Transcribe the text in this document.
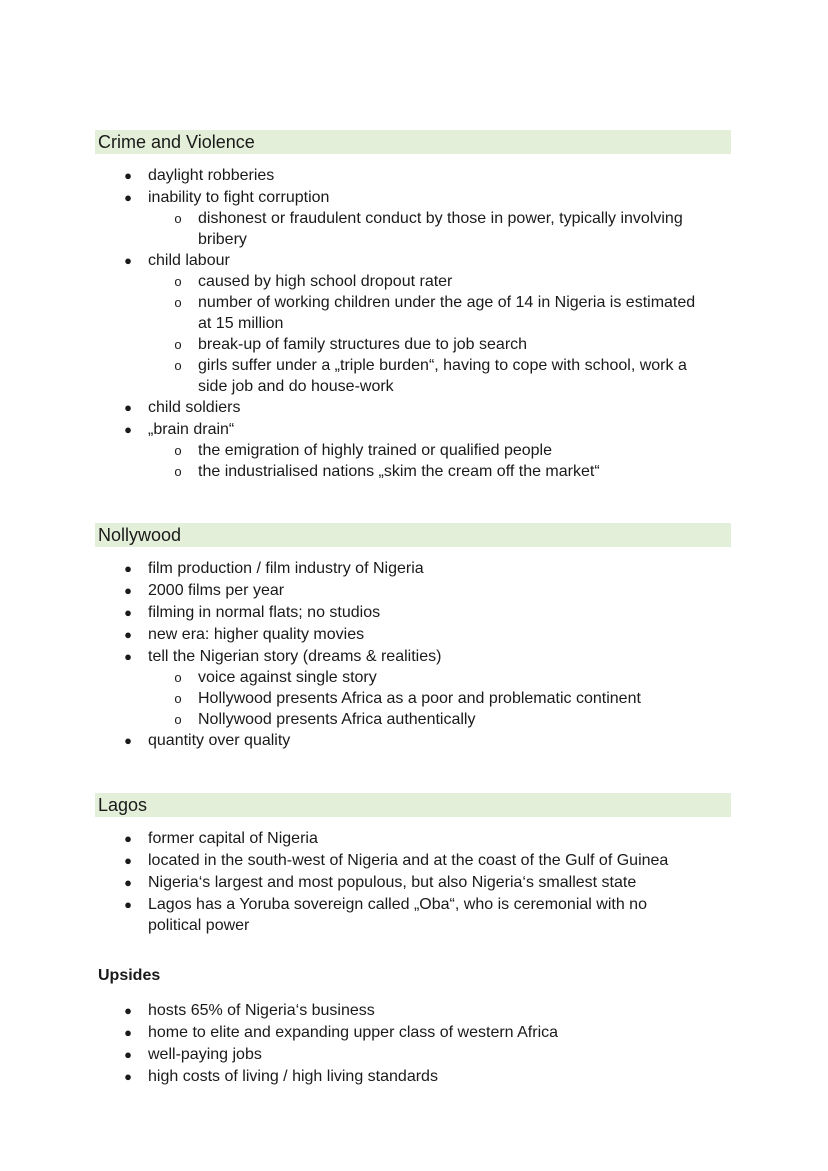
Crime and Violence
● daylight robberies
● inability to fight corruption
o dishonest or fraudulent conduct by those in power, typically involving
bribery
● child labour
o caused by high school dropout rater
o number of working children under the age of 14 in Nigeria is estimated
at 15 million
o break-up of family structures due to job search
o girls suffer under a „triple burden“, having to cope with school, work a
side job and do house-work
● child soldiers
● „brain drain“
o the emigration of highly trained or qualified people
o the industrialised nations „skim the cream off the market“
Nollywood
● film production / film industry of Nigeria
● 2000 films per year
● filming in normal flats; no studios
● new era: higher quality movies
● tell the Nigerian story (dreams & realities)
o voice against single story
o Hollywood presents Africa as a poor and problematic continent
o Nollywood presents Africa authentically
● quantity over quality
Lagos
● former capital of Nigeria
● located in the south-west of Nigeria and at the coast of the Gulf of Guinea
● Nigeria‘s largest and most populous, but also Nigeria‘s smallest state
● Lagos has a Yoruba sovereign called „Oba“, who is ceremonial with no
political power
Upsides
● hosts 65% of Nigeria‘s business
● home to elite and expanding upper class of western Africa
● well-paying jobs
● high costs of living / high living standards
